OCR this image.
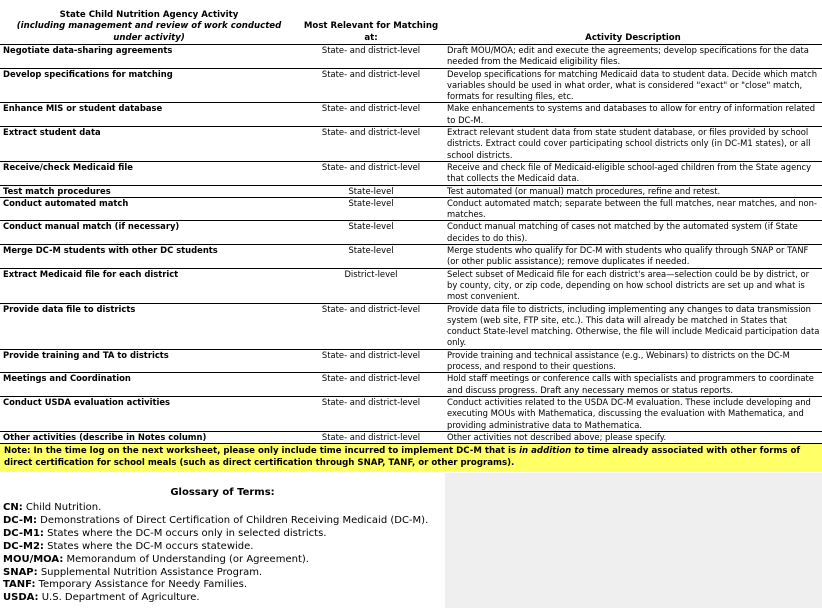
State Child Nutrition Agency Activity
(including management and review of work conducted
under activity)	Most Relevant for Matching at:	Activity Description
Negotiate data-sharing agreements	State- and district-level	Draft MOU/MOA; edit and execute the agreements; develop specifications for the data needed from the Medicaid eligibility files.
Develop specifications for matching	State- and district-level	Develop specifications for matching Medicaid data to student data. Decide which match variables should be used in what order, what is considered "exact" or "close" match, formats for resulting files, etc.
Enhance MIS or student database	State- and district-level	Make enhancements to systems and databases to allow for entry of information related to DC-M.
Extract student data	State- and district-level	Extract relevant student data from state student database, or files provided by school districts. Extract could cover participating school districts only (in DC-M1 states), or all school districts.
Receive/check Medicaid file	State- and district-level	Receive and check file of Medicaid-eligible school-aged children from the State agency that collects the Medicaid data.
Test match procedures	State-level	Test automated (or manual) match procedures, refine and retest.
Conduct automated match	State-level	Conduct automated match; separate between the full matches, near matches, and non-matches.
Conduct manual match (if necessary)	State-level	Conduct manual matching of cases not matched by the automated system (if State decides to do this).
Merge DC-M students with other DC students	State-level	Merge students who qualify for DC-M with students who qualify through SNAP or TANF (or other public assistance); remove duplicates if needed.
Extract Medicaid file for each district	District-level	Select subset of Medicaid file for each district's area—selection could be by district, or by county, city, or zip code, depending on how school districts are set up and what is most convenient.
Provide data file to districts	State- and district-level	Provide data file to districts, including implementing any changes to data transmission system (web site, FTP site, etc.). This data will already be matched in States that conduct State-level matching. Otherwise, the file will include Medicaid participation data only.
Provide training and TA to districts	State- and district-level	Provide training and technical assistance (e.g., Webinars) to districts on the DC-M process, and respond to their questions.
Meetings and Coordination	State- and district-level	Hold staff meetings or conference calls with specialists and programmers to coordinate and discuss progress. Draft any necessary memos or status reports.
Conduct USDA evaluation activities	State- and district-level	Conduct activities related to the USDA DC-M evaluation. These include developing and executing MOUs with Mathematica, discussing the evaluation with Mathematica, and providing administrative data to Mathematica.
Other activities (describe in Notes column)	State- and district-level	Other activities not described above; please specify.
Note: In the time log on the next worksheet, please only include time incurred to implement DC-M that is in addition to time already associated with other forms of direct certification for school meals (such as direct certification through SNAP, TANF, or other programs).

Glossary of Terms:

CN: Child Nutrition.
DC-M: Demonstrations of Direct Certification of Children Receiving Medicaid (DC-M).
DC-M1: States where the DC-M occurs only in selected districts.
DC-M2: States where the DC-M occurs statewide.
MOU/MOA: Memorandum of Understanding (or Agreement).
SNAP: Supplemental Nutrition Assistance Program.
TANF: Temporary Assistance for Needy Families.
USDA: U.S. Department of Agriculture.
